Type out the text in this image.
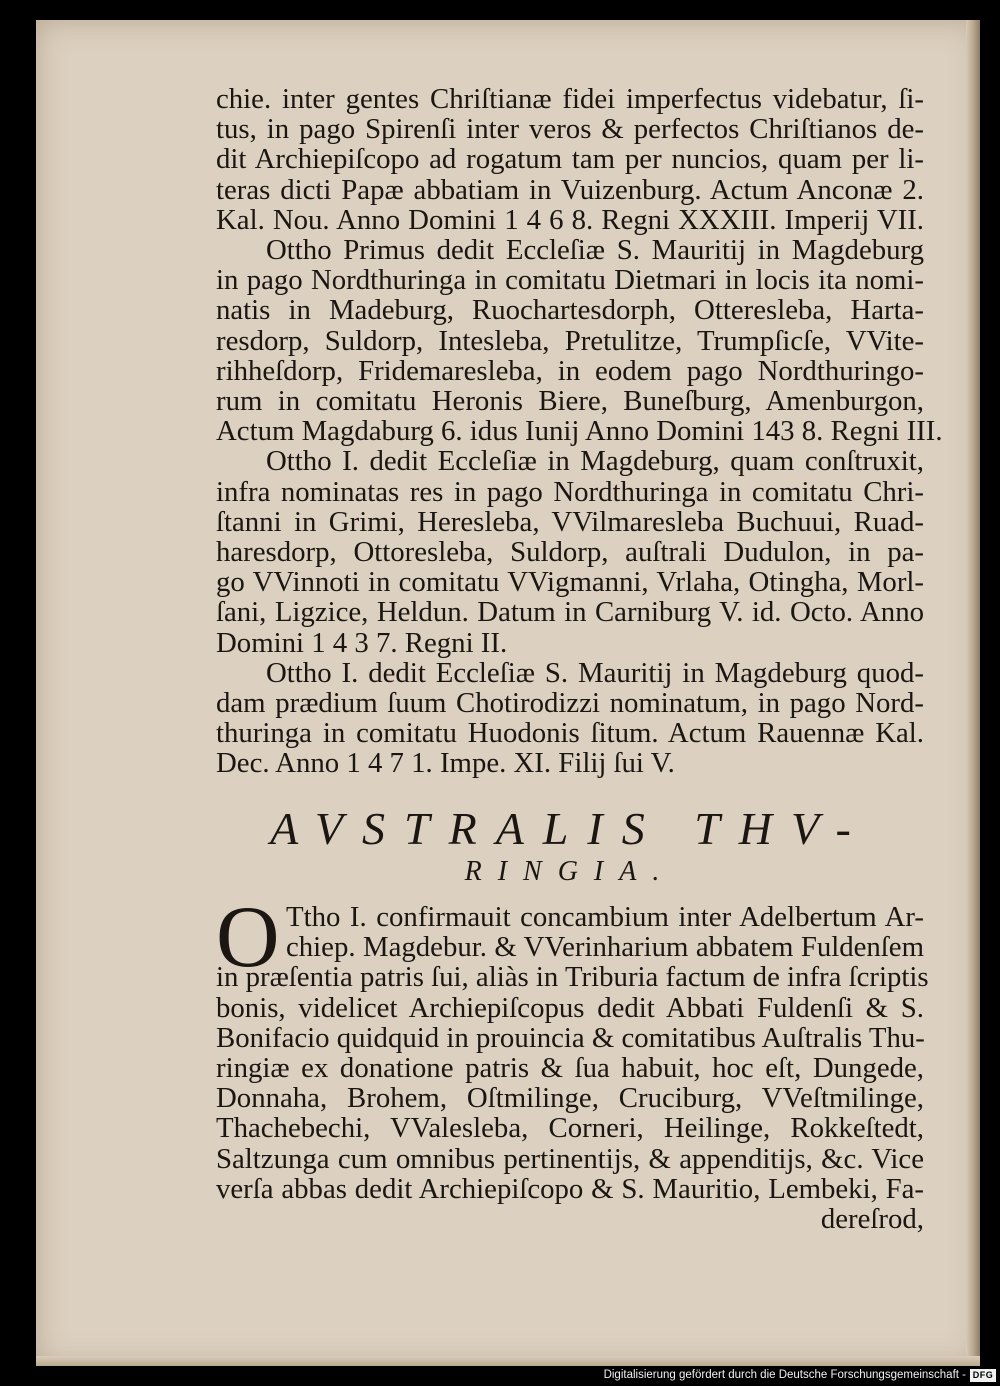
chie. inter gentes Chriſtianæ fidei imperfectus videbatur, ſi-
tus, in pago Spirenſi inter veros & perfectos Chriſtianos de-
dit Archiepiſcopo ad rogatum tam per nuncios, quam per li-
teras dicti Papæ abbatiam in Vuizenburg. Actum Anconæ 2.
Kal. Nou. Anno Domini 1 4 6 8. Regni XXXIII. Imperij VII.

Ottho Primus dedit Eccleſiæ S. Mauritij in Magdeburg
in pago Nordthuringa in comitatu Dietmari in locis ita nomi-
natis in Madeburg, Ruochartesdorph, Otteresleba, Harta-
resdorp, Suldorp, Intesleba, Pretulitze, Trumpſicſe, VVite-
rihheſdorp, Fridemaresleba, in eodem pago Nordthuringo-
rum in comitatu Heronis Biere, Buneſburg, Amenburgon,
Actum Magdaburg 6. idus Iunij Anno Domini 143 8. Regni III.

Ottho I. dedit Eccleſiæ in Magdeburg, quam conſtruxit,
infra nominatas res in pago Nordthuringa in comitatu Chri-
ſtanni in Grimi, Heresleba, VVilmaresleba Buchuui, Ruad-
haresdorp, Ottoresleba, Suldorp, auſtrali Dudulon, in pa-
go VVinnoti in comitatu VVigmanni, Vrlaha, Otingha, Morl-
ſani, Ligzice, Heldun. Datum in Carniburg V. id. Octo. Anno
Domini 1 4 3 7. Regni II.

Ottho I. dedit Eccleſiæ S. Mauritij in Magdeburg quod-
dam prædium ſuum Chotirodizzi nominatum, in pago Nord-
thuringa in comitatu Huodonis ſitum. Actum Rauennæ Kal.
Dec. Anno 1 4 7 1. Impe. XI. Filij ſui V.

AVSTRALIS THV-
RINGIA.
O Ttho I. confirmauit concambium inter Adelbertum Ar-
chiep. Magdebur. & VVerinharium abbatem Fuldenſem
in præſentia patris ſui, aliàs in Triburia factum de infra ſcriptis
bonis, videlicet Archiepiſcopus dedit Abbati Fuldenſi & S.
Bonifacio quidquid in prouincia & comitatibus Auſtralis Thu-
ringiæ ex donatione patris & ſua habuit, hoc eſt, Dungede,
Donnaha, Brohem, Oſtmilinge, Cruciburg, VVeſtmilinge,
Thachebechi, VValesleba, Corneri, Heilinge, Rokkeſtedt,
Saltzunga cum omnibus pertinentijs, & appenditijs, &c. Vice
verſa abbas dedit Archiepiſcopo & S. Mauritio, Lembeki, Fa-
dereſrod,
Digitalisierung gefördert durch die Deutsche Forschungsgemeinschaft - DFG
